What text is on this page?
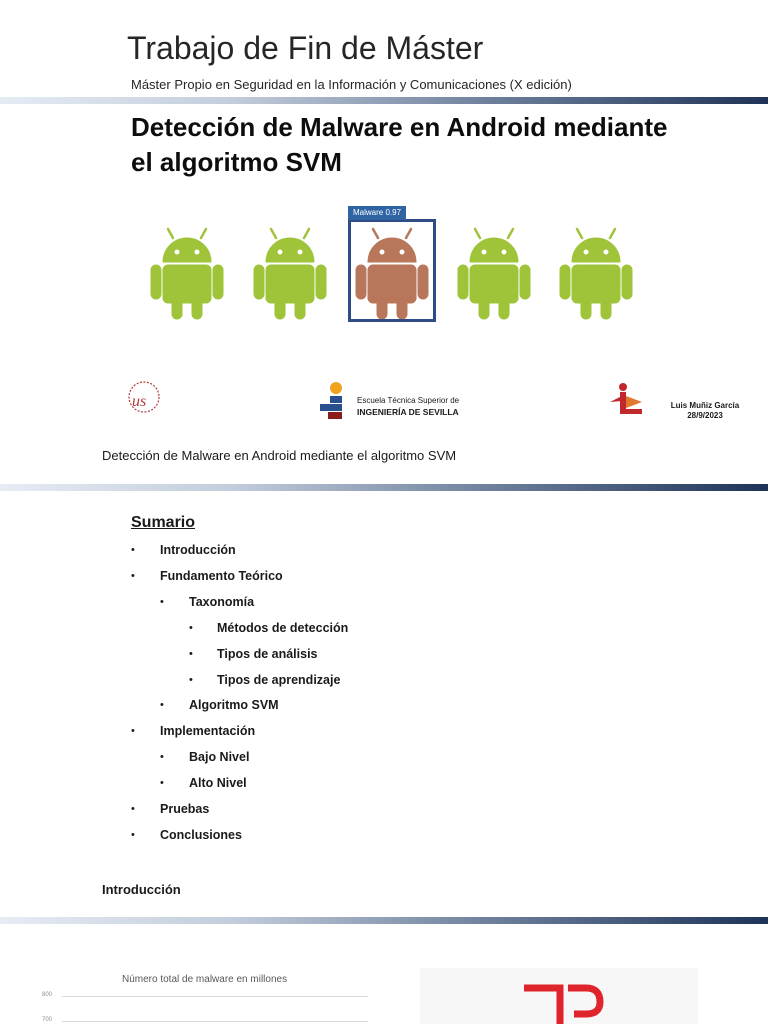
Trabajo de Fin de Máster
Máster Propio en Seguridad en la Información y Comunicaciones (X edición)
Detección de Malware en Android mediante el algoritmo SVM
Malware 0.97
us	Escuela Técnica Superior de
INGENIERÍA DE SEVILLA
Luis Muñiz García
28/9/2023
Detección de Malware en Android mediante el algoritmo SVM
Sumario
• Introducción
• Fundamento Teórico
• Taxonomía
• Métodos de detección
• Tipos de análisis
• Tipos de aprendizaje
• Algoritmo SVM
• Implementación
• Bajo Nivel
• Alto Nivel
• Pruebas
• Conclusiones
Introducción
Número total de malware en millones
800
700
